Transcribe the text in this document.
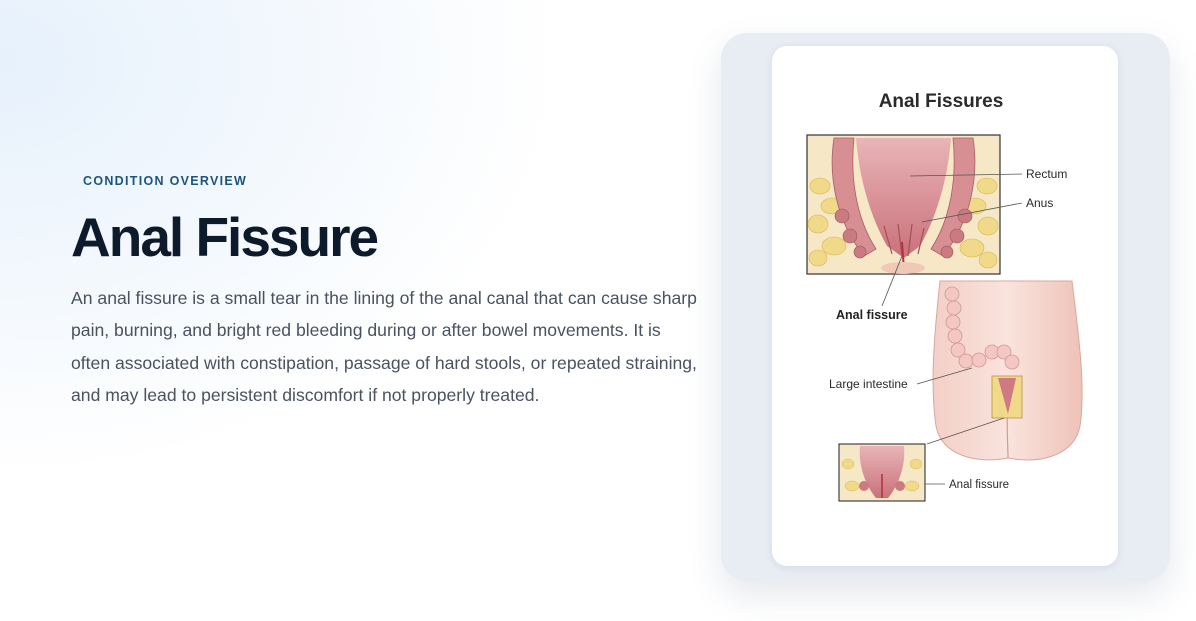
CONDITION OVERVIEW
Anal Fissure

An anal fissure is a small tear in the lining of the anal canal that can cause sharp pain, burning, and bright red bleeding during or after bowel movements. It is often associated with constipation, passage of hard stools, or repeated straining, and may lead to persistent discomfort if not properly treated.

Anal Fissures
Rectum
Anus
Anal fissure
Large intestine
Anal fissure
